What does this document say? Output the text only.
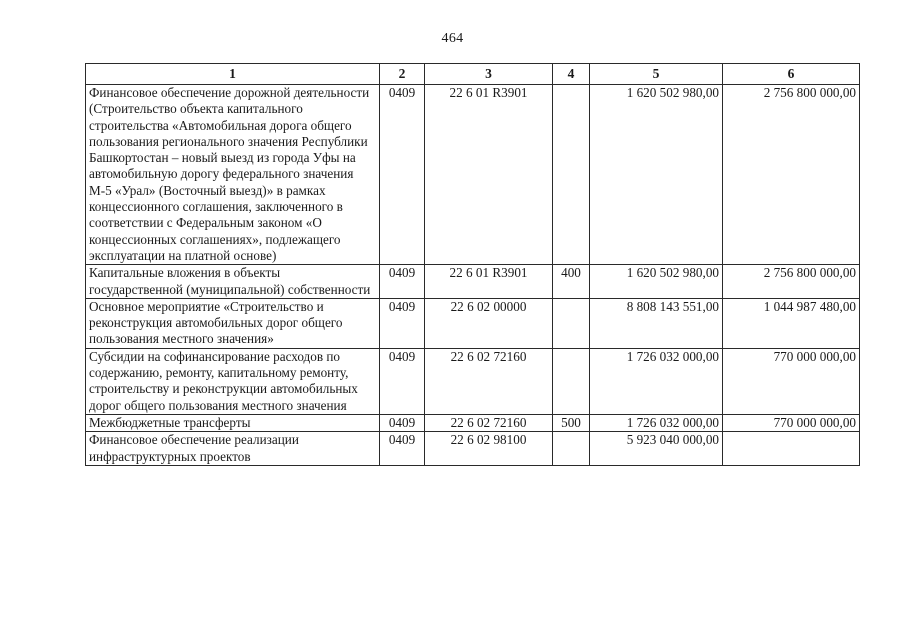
464
1	2	3	4	5	6
Финансовое обеспечение дорожной деятельности (Строительство объекта капитального строительства «Автомобильная дорога общего пользования регионального значения Республики Башкортостан – новый выезд из города Уфы на автомобильную дорогу федерального значения М-5 «Урал» (Восточный выезд)» в рамках концессионного соглашения, заключенного в соответствии с Федеральным законом «О концессионных соглашениях», подлежащего эксплуатации на платной основе)	0409	22 6 01 R3901		1 620 502 980,00	2 756 800 000,00
Капитальные вложения в объекты государственной (муниципальной) собственности	0409	22 6 01 R3901	400	1 620 502 980,00	2 756 800 000,00
Основное мероприятие «Строительство и реконструкция автомобильных дорог общего пользования местного значения»	0409	22 6 02 00000		8 808 143 551,00	1 044 987 480,00
Субсидии на софинансирование расходов по содержанию, ремонту, капитальному ремонту, строительству и реконструкции автомобильных дорог общего пользования местного значения	0409	22 6 02 72160		1 726 032 000,00	770 000 000,00
Межбюджетные трансферты	0409	22 6 02 72160	500	1 726 032 000,00	770 000 000,00
Финансовое обеспечение реализации инфраструктурных проектов	0409	22 6 02 98100		5 923 040 000,00	
